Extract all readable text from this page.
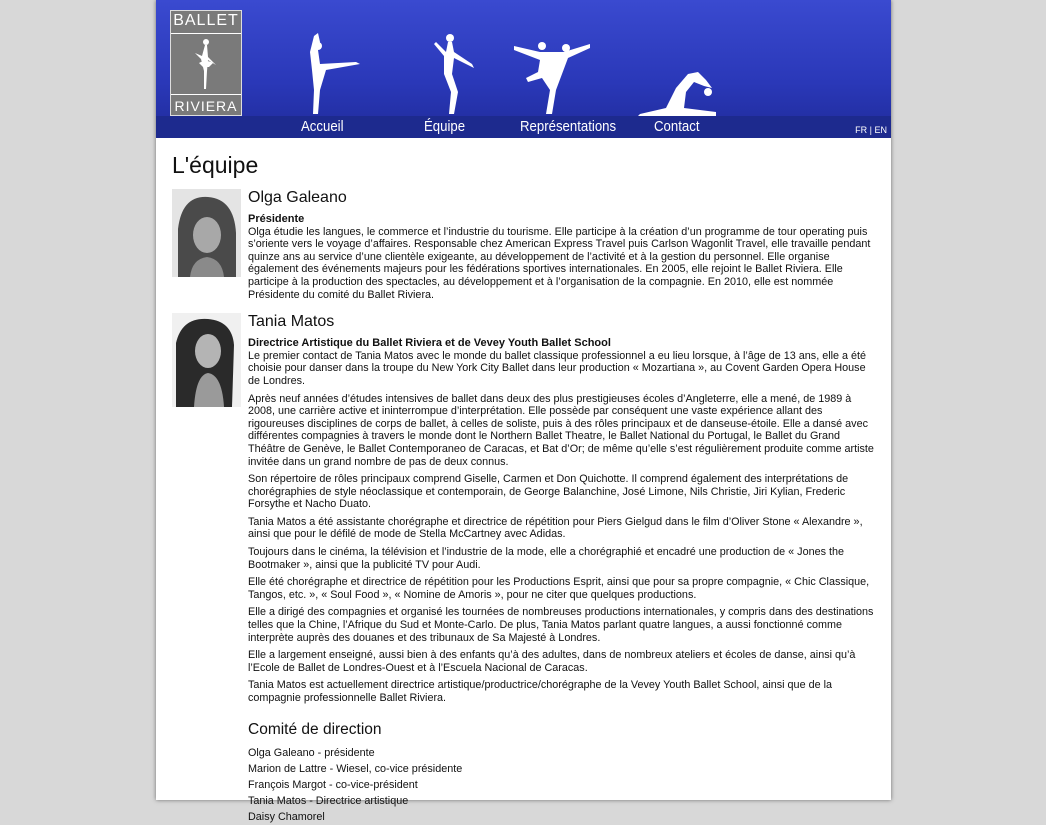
BALLET
RIVIERA
Accueil	Équipe	Représentations	Contact	FR | EN
L'équipe
Olga Galeano
Présidente

Olga étudie les langues, le commerce et l’industrie du tourisme. Elle participe à la création d’un programme de tour operating puis s’oriente vers le voyage d’affaires. Responsable chez American Express Travel puis Carlson Wagonlit Travel, elle travaille pendant quinze ans au service d’une clientèle exigeante, au développement de l’activité et à la gestion du personnel. Elle organise également des événements majeurs pour les fédérations sportives internationales. En 2005, elle rejoint le Ballet Riviera. Elle participe à la production des spectacles, au développement et à l’organisation de la compagnie. En 2010, elle est nommée Présidente du comité du Ballet Riviera.

Tania Matos
Directrice Artistique du Ballet Riviera et de Vevey Youth Ballet School

Le premier contact de Tania Matos avec le monde du ballet classique professionnel a eu lieu lorsque, à l’âge de 13 ans, elle a été choisie pour danser dans la troupe du New York City Ballet dans leur production « Mozartiana », au Covent Garden Opera House de Londres.

Après neuf années d’études intensives de ballet dans deux des plus prestigieuses écoles d’Angleterre, elle a mené, de 1989 à 2008, une carrière active et ininterrompue d’interprétation. Elle possède par conséquent une vaste expérience allant des rigoureuses disciplines de corps de ballet, à celles de soliste, puis à des rôles principaux et de danseuse-étoile. Elle a dansé avec différentes compagnies à travers le monde dont le Northern Ballet Theatre, le Ballet National du Portugal, le Ballet du Grand Théâtre de Genève, le Ballet Contemporaneo de Caracas, et Bat d’Or; de même qu’elle s’est régulièrement produite comme artiste invitée dans un grand nombre de pas de deux connus.

Son répertoire de rôles principaux comprend Giselle, Carmen et Don Quichotte. Il comprend également des interprétations de chorégraphies de style néoclassique et contemporain, de George Balanchine, José Limone, Nils Christie, Jiri Kylian, Frederic Forsythe et Nacho Duato.

Tania Matos a été assistante chorégraphe et directrice de répétition pour Piers Gielgud dans le film d’Oliver Stone « Alexandre », ainsi que pour le défilé de mode de Stella McCartney avec Adidas.

Toujours dans le cinéma, la télévision et l’industrie de la mode, elle a chorégraphié et encadré une production de « Jones the Bootmaker », ainsi que la publicité TV pour Audi.

Elle été chorégraphe et directrice de répétition pour les Productions Esprit, ainsi que pour sa propre compagnie, « Chic Classique, Tangos, etc. », « Soul Food », « Nomine de Amoris », pour ne citer que quelques productions.

Elle a dirigé des compagnies et organisé les tournées de nombreuses productions internationales, y compris dans des destinations telles que la Chine, l’Afrique du Sud et Monte-Carlo. De plus, Tania Matos parlant quatre langues, a aussi fonctionné comme interprète auprès des douanes et des tribunaux de Sa Majesté à Londres.

Elle a largement enseigné, aussi bien à des enfants qu’à des adultes, dans de nombreux ateliers et écoles de danse, ainsi qu’à l’Ecole de Ballet de Londres-Ouest et à l’Escuela Nacional de Caracas.

Tania Matos est actuellement directrice artistique/productrice/chorégraphe de la Vevey Youth Ballet School, ainsi que de la compagnie professionnelle Ballet Riviera.

Comité de direction
Olga Galeano - présidente
Marion de Lattre - Wiesel, co-vice présidente
François Margot - co-vice-président
Tania Matos - Directrice artistique
Daisy Chamorel
